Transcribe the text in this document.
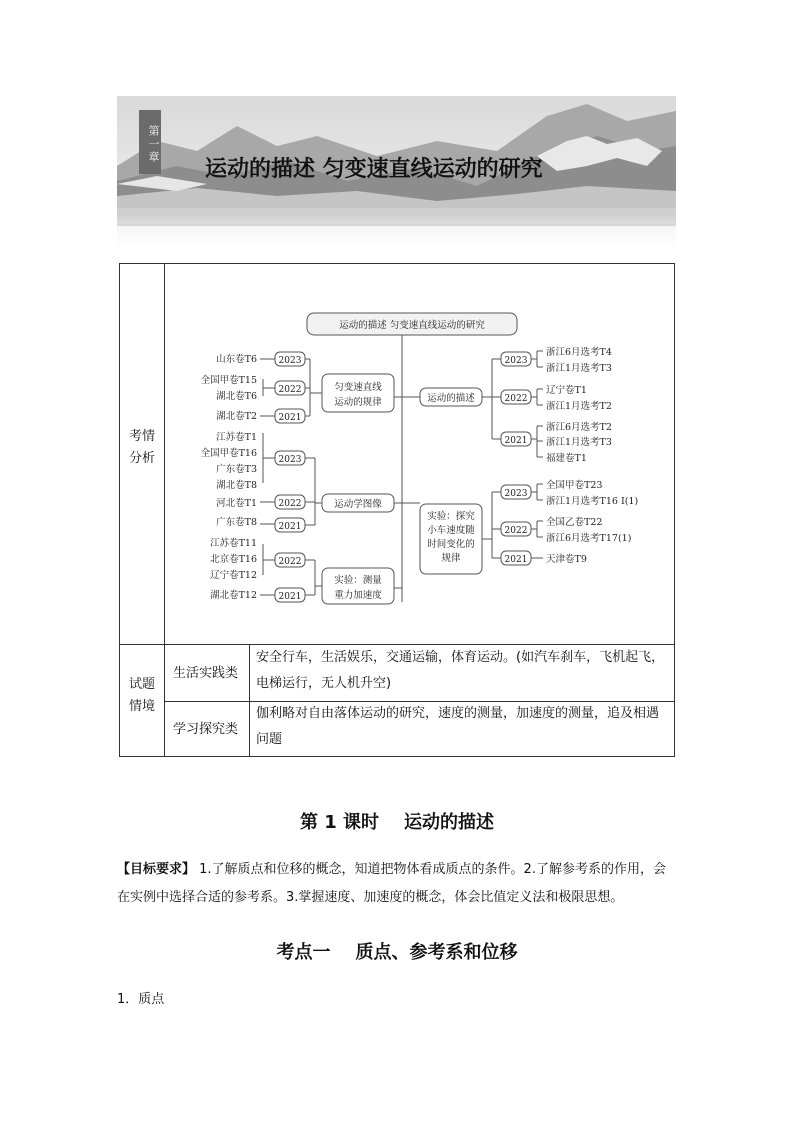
第一章
运动的描述 匀变速直线运动的研究
考情分析
试题情境
生活实践类
学习探究类
安全行车，生活娱乐，交通运输，体育运动。(如汽车刹车，飞机起飞，电梯运行，无人机升空)
伽利略对自由落体运动的研究，速度的测量，加速度的测量，追及相遇问题
运动的描述 匀变速直线运动的研究
匀变速直线
运动的规律
运动学图像
实验：测量
重力加速度
运动的描述
实验：探究
小车速度随
时间变化的
规律
2023
2022
2021
2023
2022
2021
2022
2021
山东卷T6
全国甲卷T15
湖北卷T6
湖北卷T2
江苏卷T1
全国甲卷T16
广东卷T3
湖北卷T8
河北卷T1
广东卷T8
江苏卷T11
北京卷T16
辽宁卷T12
湖北卷T12
2023
2022
2021
2023
2022
2021
浙江6月选考T4
浙江1月选考T3
辽宁卷T1
浙江1月选考T2
浙江6月选考T2
浙江1月选考T3
福建卷T1
全国甲卷T23
浙江1月选考T16 Ⅰ(1)
全国乙卷T22
浙江6月选考T17(1)
天津卷T9
第 1 课时    运动的描述
【目标要求】 1.了解质点和位移的概念，知道把物体看成质点的条件。2.了解参考系的作用，会在实例中选择合适的参考系。3.掌握速度、加速度的概念，体会比值定义法和极限思想。
考点一    质点、参考系和位移
1．质点
